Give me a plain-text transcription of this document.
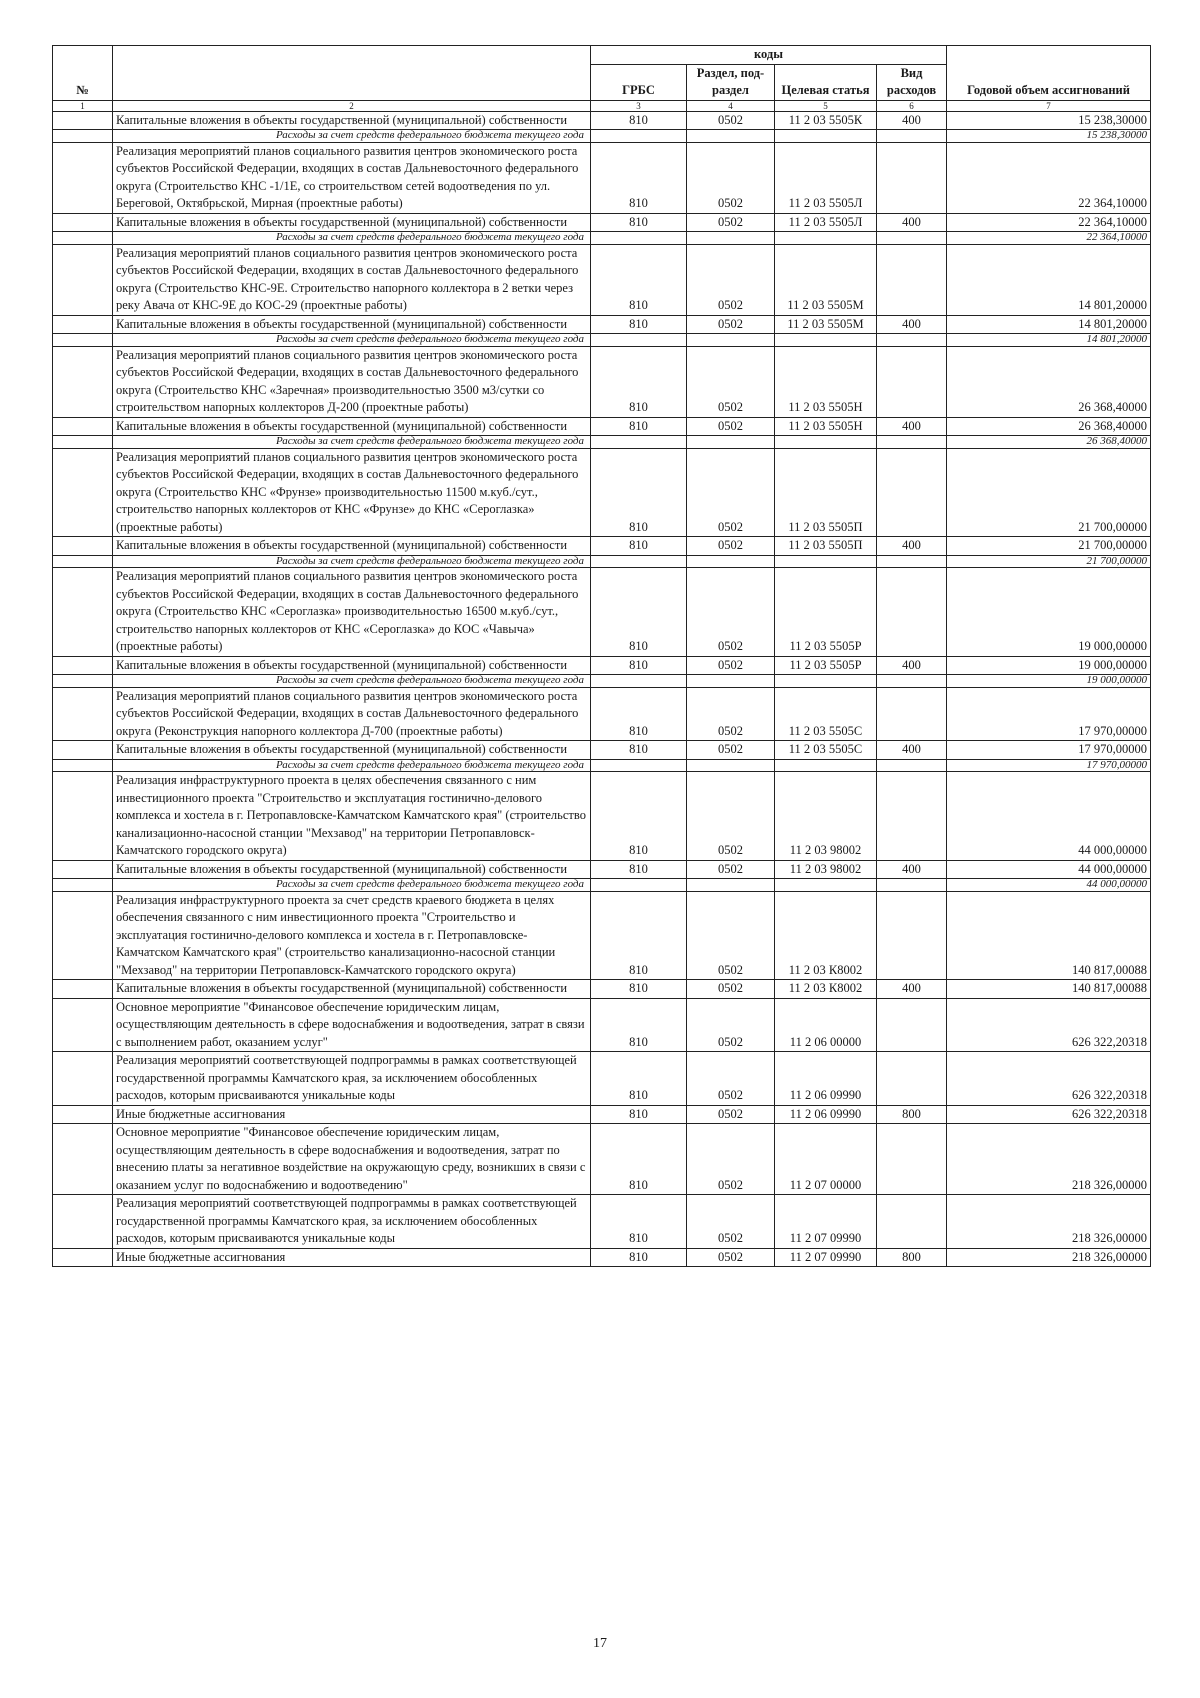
№		коды				Годовой объем ассигнований
		ГРБС	Раздел, под-раздел	Целевая статья	Вид расходов	
1	2	3	4	5	6	7
	Капитальные вложения в объекты государственной (муниципальной) собственности	810	0502	11 2 03 5505К	400	15 238,30000
	Расходы за счет средств федерального бюджета текущего года					15 238,30000
	Реализация мероприятий планов социального развития центров экономического роста субъектов Российской Федерации, входящих в состав Дальневосточного федерального округа (Строительство КНС -1/1Е, со строительством сетей водоотведения по ул. Береговой, Октябрьской, Мирная (проектные работы)	810	0502	11 2 03 5505Л		22 364,10000
	Капитальные вложения в объекты государственной (муниципальной) собственности	810	0502	11 2 03 5505Л	400	22 364,10000
	Расходы за счет средств федерального бюджета текущего года					22 364,10000
	Реализация мероприятий планов социального развития центров экономического роста субъектов Российской Федерации, входящих в состав Дальневосточного федерального округа (Строительство КНС-9Е. Строительство напорного коллектора в 2 ветки через реку Авача от КНС-9Е до КОС-29 (проектные работы)	810	0502	11 2 03 5505М		14 801,20000
	Капитальные вложения в объекты государственной (муниципальной) собственности	810	0502	11 2 03 5505М	400	14 801,20000
	Расходы за счет средств федерального бюджета текущего года					14 801,20000
	Реализация мероприятий планов социального развития центров экономического роста субъектов Российской Федерации, входящих в состав Дальневосточного федерального округа (Строительство КНС «Заречная» производительностью 3500 м3/сутки со строительством напорных коллекторов Д-200 (проектные работы)	810	0502	11 2 03 5505Н		26 368,40000
	Капитальные вложения в объекты государственной (муниципальной) собственности	810	0502	11 2 03 5505Н	400	26 368,40000
	Расходы за счет средств федерального бюджета текущего года					26 368,40000
	Реализация мероприятий планов социального развития центров экономического роста субъектов Российской Федерации, входящих в состав Дальневосточного федерального округа (Строительство КНС «Фрунзе» производительностью 11500 м.куб./сут., строительство напорных коллекторов от КНС «Фрунзе» до КНС «Сероглазка» (проектные работы)	810	0502	11 2 03 5505П		21 700,00000
	Капитальные вложения в объекты государственной (муниципальной) собственности	810	0502	11 2 03 5505П	400	21 700,00000
	Расходы за счет средств федерального бюджета текущего года					21 700,00000
	Реализация мероприятий планов социального развития центров экономического роста субъектов Российской Федерации, входящих в состав Дальневосточного федерального округа (Строительство КНС «Сероглазка» производительностью 16500 м.куб./сут., строительство напорных коллекторов от КНС «Сероглазка» до КОС «Чавыча» (проектные работы)	810	0502	11 2 03 5505Р		19 000,00000
	Капитальные вложения в объекты государственной (муниципальной) собственности	810	0502	11 2 03 5505Р	400	19 000,00000
	Расходы за счет средств федерального бюджета текущего года					19 000,00000
	Реализация мероприятий планов социального развития центров экономического роста субъектов Российской Федерации, входящих в состав Дальневосточного федерального округа (Реконструкция напорного коллектора Д-700 (проектные работы)	810	0502	11 2 03 5505С		17 970,00000
	Капитальные вложения в объекты государственной (муниципальной) собственности	810	0502	11 2 03 5505С	400	17 970,00000
	Расходы за счет средств федерального бюджета текущего года					17 970,00000
	Реализация инфраструктурного проекта в целях обеспечения связанного с ним инвестиционного проекта "Строительство и эксплуатация гостинично-делового комплекса и хостела в г. Петропавловске-Камчатском Камчатского края" (строительство канализационно-насосной станции "Мехзавод" на территории Петропавловск-Камчатского городского округа)	810	0502	11 2 03 98002		44 000,00000
	Капитальные вложения в объекты государственной (муниципальной) собственности	810	0502	11 2 03 98002	400	44 000,00000
	Расходы за счет средств федерального бюджета текущего года					44 000,00000
	Реализация инфраструктурного проекта за счет средств краевого бюджета в целях обеспечения связанного с ним инвестиционного проекта "Строительство и эксплуатация гостинично-делового комплекса и хостела в г. Петропавловске-Камчатском Камчатского края" (строительство канализационно-насосной станции "Мехзавод" на территории Петропавловск-Камчатского городского округа)	810	0502	11 2 03 К8002		140 817,00088
	Капитальные вложения в объекты государственной (муниципальной) собственности	810	0502	11 2 03 К8002	400	140 817,00088
	Основное мероприятие "Финансовое обеспечение юридическим лицам, осуществляющим деятельность в сфере водоснабжения и водоотведения, затрат в связи с выполнением работ, оказанием услуг"	810	0502	11 2 06 00000		626 322,20318
	Реализация мероприятий соответствующей подпрограммы в рамках соответствующей государственной программы Камчатского края, за исключением обособленных расходов, которым присваиваются уникальные коды	810	0502	11 2 06 09990		626 322,20318
	Иные бюджетные ассигнования	810	0502	11 2 06 09990	800	626 322,20318
	Основное мероприятие "Финансовое обеспечение юридическим лицам, осуществляющим деятельность в сфере водоснабжения и водоотведения, затрат по внесению платы за негативное воздействие на окружающую среду, возникших в связи с оказанием услуг по водоснабжению и водоотведению"	810	0502	11 2 07 00000		218 326,00000
	Реализация мероприятий соответствующей подпрограммы в рамках соответствующей государственной программы Камчатского края, за исключением обособленных расходов, которым присваиваются уникальные коды	810	0502	11 2 07 09990		218 326,00000
	Иные бюджетные ассигнования	810	0502	11 2 07 09990	800	218 326,00000
17
